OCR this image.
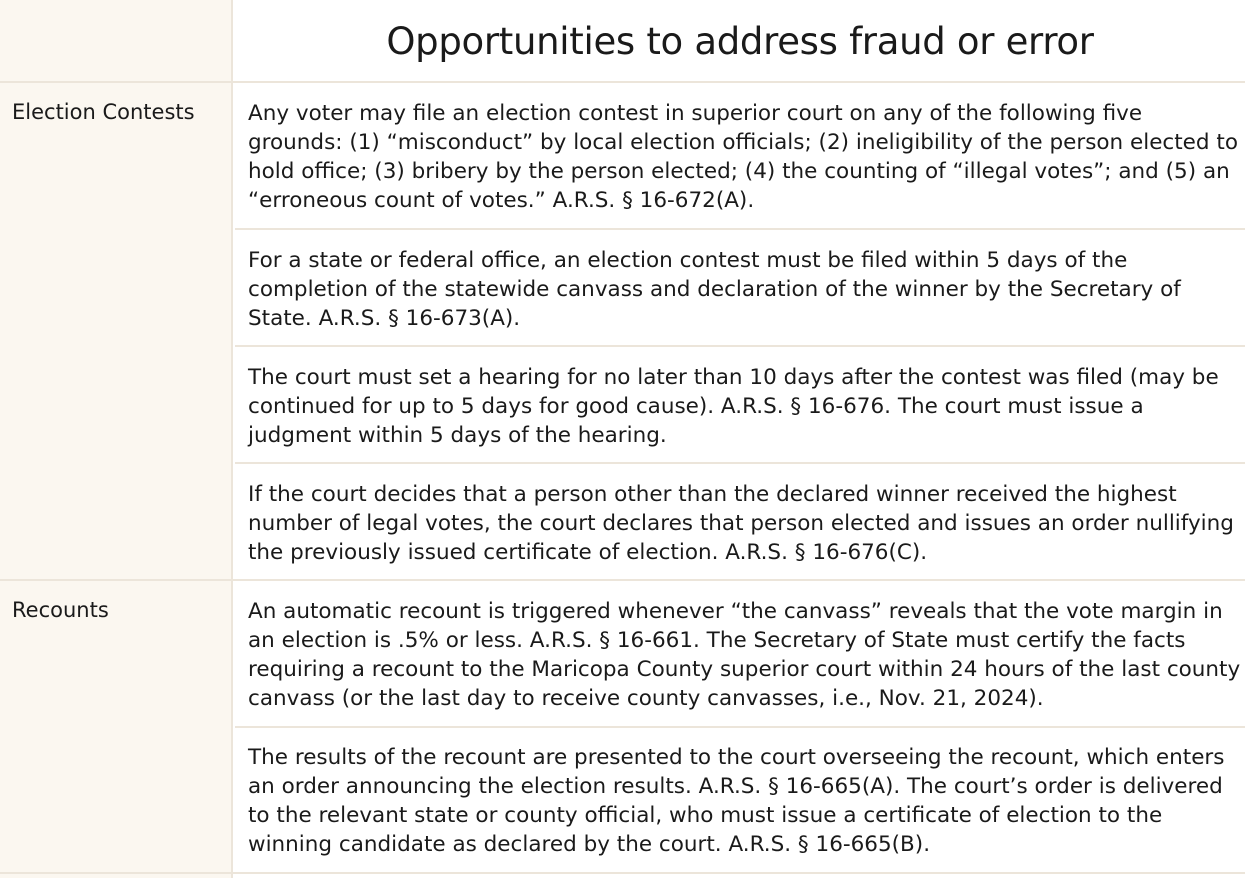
Opportunities to address fraud or error
Election Contests Any voter may file an election contest in superior court on any of the following five grounds: (1) “misconduct” by local election officials; (2) ineligibility of the person elected to hold office; (3) bribery by the person elected; (4) the counting of “illegal votes”; and (5) an “erroneous count of votes.” A.R.S. § 16-672(A).
For a state or federal office, an election contest must be filed within 5 days of the completion of the statewide canvass and declaration of the winner by the Secretary of State. A.R.S. § 16-673(A).
The court must set a hearing for no later than 10 days after the contest was filed (may be continued for up to 5 days for good cause). A.R.S. § 16-676. The court must issue a judgment within 5 days of the hearing.
If the court decides that a person other than the declared winner received the highest number of legal votes, the court declares that person elected and issues an order nullifying the previously issued certificate of election. A.R.S. § 16-676(C).
Recounts	An automatic recount is triggered whenever “the canvass” reveals that the vote margin in an election is .5% or less. A.R.S. § 16-661. The Secretary of State must certify the facts requiring a recount to the Maricopa County superior court within 24 hours of the last county canvass (or the last day to receive county canvasses, i.e., Nov. 21, 2024).
The results of the recount are presented to the court overseeing the recount, which enters an order announcing the election results. A.R.S. § 16-665(A). The court’s order is delivered to the relevant state or county official, who must issue a certificate of election to the winning candidate as declared by the court. A.R.S. § 16-665(B).
